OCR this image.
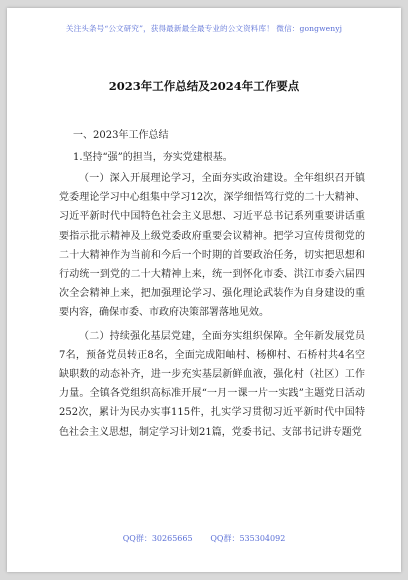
关注头条号“公文研究”，获得最新最全最专业的公文资料库！ 微信：gongwenyj
2023年工作总结及2024年工作要点
一、2023年工作总结
1.坚持“强”的担当，夯实党建根基。

（一）深入开展理论学习，全面夯实政治建设。全年组织召开镇党委理论学习中心组集中学习12次，深学细悟笃行党的二十大精神、习近平新时代中国特色社会主义思想、习近平总书记系列重要讲话重要指示批示精神及上级党委政府重要会议精神。把学习宣传贯彻党的二十大精神作为当前和今后一个时期的首要政治任务，切实把思想和行动统一到党的二十大精神上来，统一到怀化市委、洪江市委六届四次全会精神上来，把加强理论学习、强化理论武装作为自身建设的重要内容，确保市委、市政府决策部署落地见效。

（二）持续强化基层党建，全面夯实组织保障。全年新发展党员7名，预备党员转正8名，全面完成阳岫村、杨柳村、石桥村共4名空缺职数的动态补齐，进一步充实基层新鲜血液，强化村（社区）工作力量。全镇各党组织高标准开展“一月一课一片一实践”主题党日活动252次，累计为民办实事115件，扎实学习贯彻习近平新时代中国特色社会主义思想，制定学习计划21篇，党委书记、支部书记讲专题党

QQ群：30265665       QQ群：535304092
